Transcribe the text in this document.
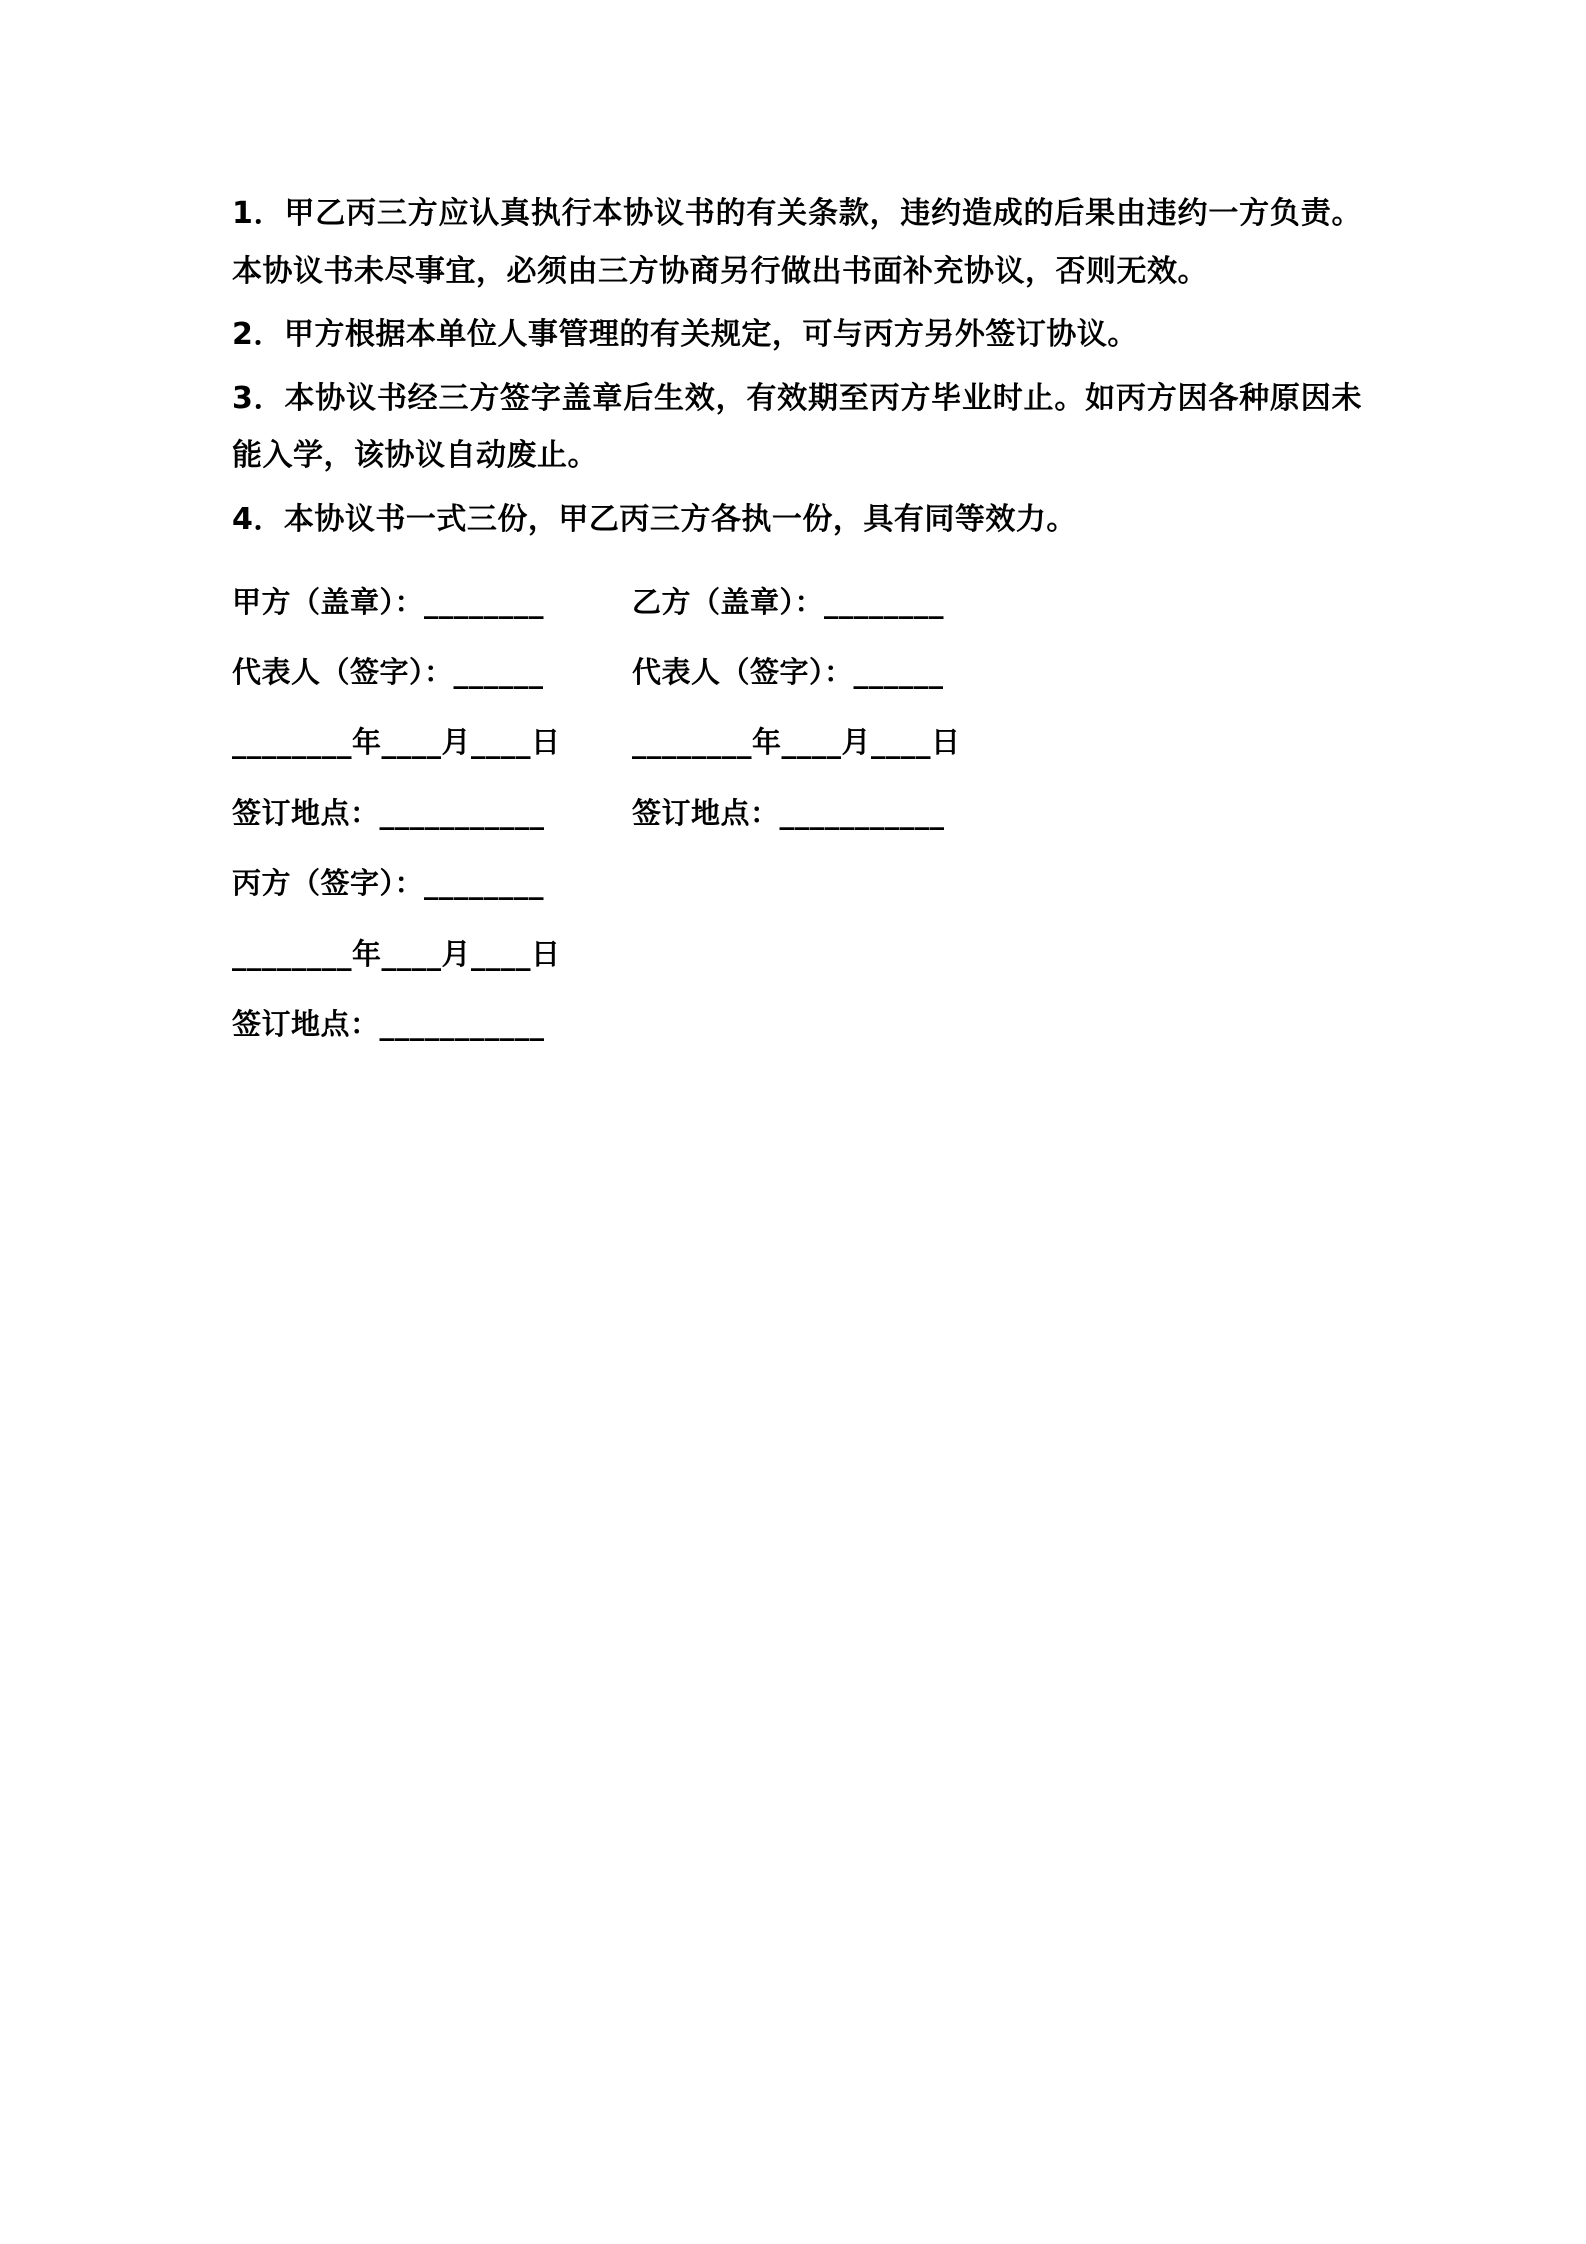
1．甲乙丙三方应认真执行本协议书的有关条款，违约造成的后果由违约一方负责。本协议书未尽事宜，必须由三方协商另行做出书面补充协议，否则无效。

2．甲方根据本单位人事管理的有关规定，可与丙方另外签订协议。

3．本协议书经三方签字盖章后生效，有效期至丙方毕业时止。如丙方因各种原因未能入学，该协议自动废止。

4．本协议书一式三份，甲乙丙三方各执一份，具有同等效力。

甲方（盖章）：________	乙方（盖章）：________
代表人（签字）：______	代表人（签字）：______
________年____月____日	________年____月____日
签订地点：___________	签订地点：___________
丙方（签字）：________
________年____月____日
签订地点：___________
